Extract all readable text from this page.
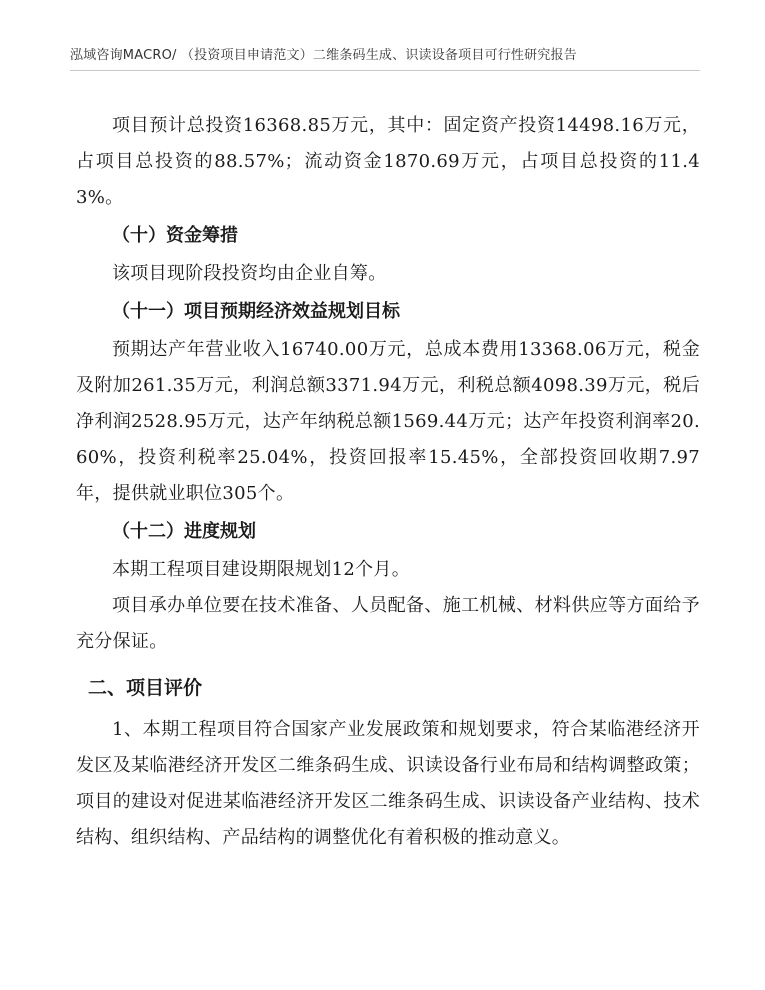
泓域咨询MACRO/ （投资项目申请范文）二维条码生成、识读设备项目可行性研究报告

项目预计总投资16368.85万元，其中：固定资产投资14498.16万元，占项目总投资的88.57%；流动资金1870.69万元，占项目总投资的11.43%。

（十）资金筹措

该项目现阶段投资均由企业自筹。

（十一）项目预期经济效益规划目标

预期达产年营业收入16740.00万元，总成本费用13368.06万元，税金及附加261.35万元，利润总额3371.94万元，利税总额4098.39万元，税后净利润2528.95万元，达产年纳税总额1569.44万元；达产年投资利润率20.60%，投资利税率25.04%，投资回报率15.45%，全部投资回收期7.97年，提供就业职位305个。

（十二）进度规划

本期工程项目建设期限规划12个月。

项目承办单位要在技术准备、人员配备、施工机械、材料供应等方面给予充分保证。

二、项目评价

1、本期工程项目符合国家产业发展政策和规划要求，符合某临港经济开发区及某临港经济开发区二维条码生成、识读设备行业布局和结构调整政策；项目的建设对促进某临港经济开发区二维条码生成、识读设备产业结构、技术结构、组织结构、产品结构的调整优化有着积极的推动意义。
